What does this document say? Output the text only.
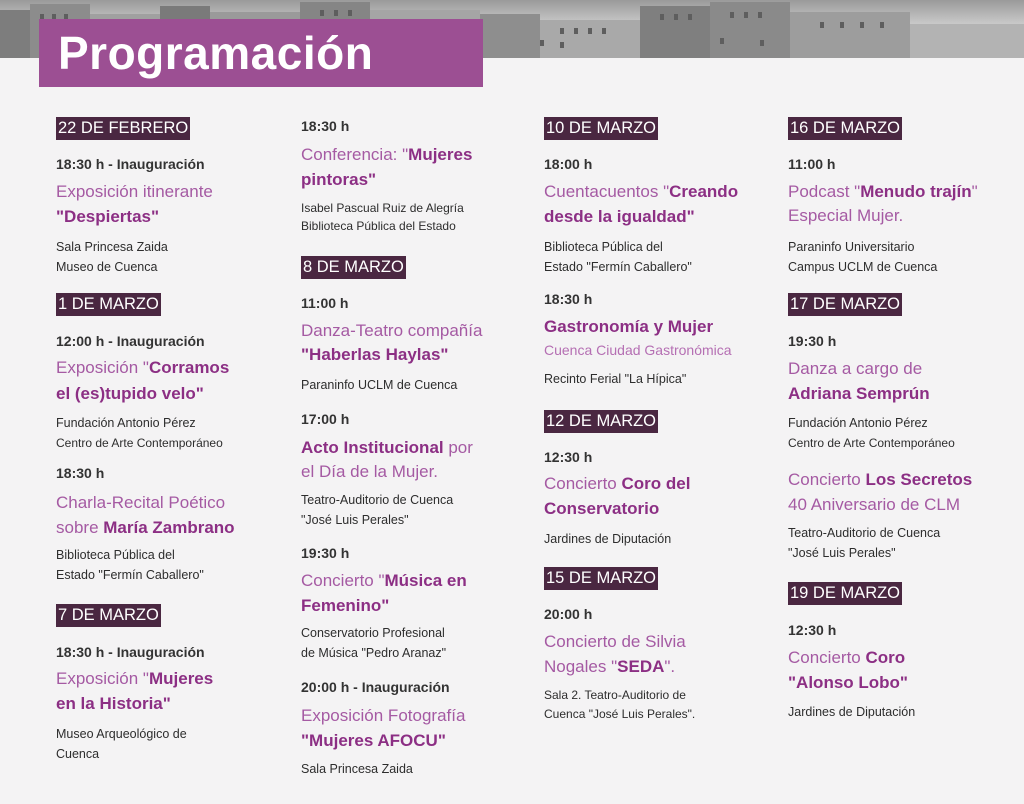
Programación
22 DE FEBRERO
18:30 h - Inauguración
Exposición itinerante
"Despiertas"
Sala Princesa Zaida
Museo de Cuenca
1 DE MARZO
12:00 h - Inauguración
Exposición "Corramos
el (es)tupido velo"
Fundación Antonio Pérez
Centro de Arte Contemporáneo
18:30 h
Charla-Recital Poético
sobre María Zambrano
Biblioteca Pública del
Estado "Fermín Caballero"
7 DE MARZO
18:30 h - Inauguración
Exposición "Mujeres
en la Historia"
Museo Arqueológico de
Cuenca
18:30 h
Conferencia: "Mujeres
pintoras"
Isabel Pascual Ruiz de Alegría
Biblioteca Pública del Estado
8 DE MARZO
11:00 h
Danza-Teatro compañía
"Haberlas Haylas"
Paraninfo UCLM de Cuenca
17:00 h
Acto Institucional por
el Día de la Mujer.
Teatro-Auditorio de Cuenca
"José Luis Perales"
19:30 h
Concierto "Música en
Femenino"
Conservatorio Profesional
de Música "Pedro Aranaz"
20:00 h - Inauguración
Exposición Fotografía
"Mujeres AFOCU"
Sala Princesa Zaida
10 DE MARZO
18:00 h
Cuentacuentos "Creando
desde la igualdad"
Biblioteca Pública del
Estado "Fermín Caballero"
18:30 h
Gastronomía y Mujer
Cuenca Ciudad Gastronómica
Recinto Ferial "La Hípica"
12 DE MARZO
12:30 h
Concierto Coro del
Conservatorio
Jardines de Diputación
15 DE MARZO
20:00 h
Concierto de Silvia
Nogales "SEDA".
Sala 2. Teatro-Auditorio de
Cuenca "José Luis Perales".
16 DE MARZO
11:00 h
Podcast "Menudo trajín"
Especial Mujer.
Paraninfo Universitario
Campus UCLM de Cuenca
17 DE MARZO
19:30 h
Danza a cargo de
Adriana Semprún
Fundación Antonio Pérez
Centro de Arte Contemporáneo
Concierto Los Secretos
40 Aniversario de CLM
Teatro-Auditorio de Cuenca
"José Luis Perales"
19 DE MARZO
12:30 h
Concierto Coro
"Alonso Lobo"
Jardines de Diputación
